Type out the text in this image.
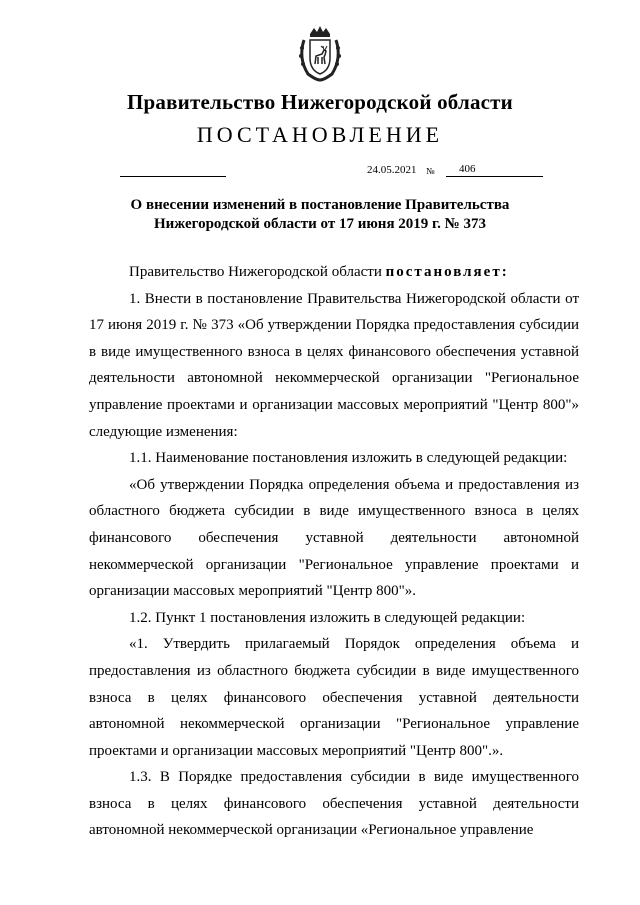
Правительство Нижегородской области
ПОСТАНОВЛЕНИЕ
24.05.2021 № 406
О внесении изменений в постановление Правительства
Нижегородской области от 17 июня 2019 г. № 373

Правительство Нижегородской области постановляет:

1. Внести в постановление Правительства Нижегородской области от 17 июня 2019 г. № 373 «Об утверждении Порядка предоставления субсидии в виде имущественного взноса в целях финансового обеспечения уставной деятельности автономной некоммерческой организации "Региональное управление проектами и организации массовых мероприятий "Центр 800"» следующие изменения:

1.1. Наименование постановления изложить в следующей редакции:

«Об утверждении Порядка определения объема и предоставления из областного бюджета субсидии в виде имущественного взноса в целях финансового обеспечения уставной деятельности автономной некоммерческой организации "Региональное управление проектами и организации массовых мероприятий "Центр 800"».

1.2. Пункт 1 постановления изложить в следующей редакции:

«1. Утвердить прилагаемый Порядок определения объема и предоставления из областного бюджета субсидии в виде имущественного взноса в целях финансового обеспечения уставной деятельности автономной некоммерческой организации "Региональное управление проектами и организации массовых мероприятий "Центр 800".».

1.3. В Порядке предоставления субсидии в виде имущественного взноса в целях финансового обеспечения уставной деятельности автономной некоммерческой организации «Региональное управление
